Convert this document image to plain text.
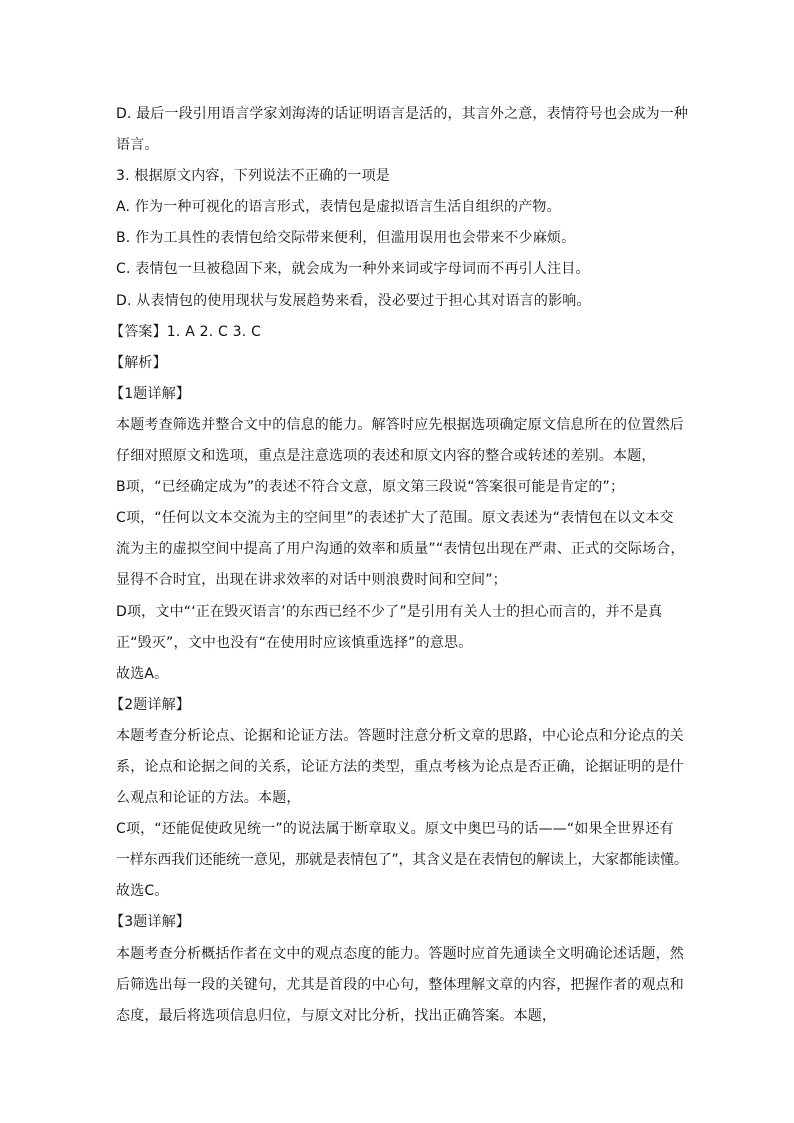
D. 最后一段引用语言学家刘海涛的话证明语言是活的，其言外之意，表情符号也会成为一种
语言。
3. 根据原文内容，下列说法不正确的一项是
A. 作为一种可视化的语言形式，表情包是虚拟语言生活自组织的产物。
B. 作为工具性的表情包给交际带来便利，但滥用误用也会带来不少麻烦。
C. 表情包一旦被稳固下来，就会成为一种外来词或字母词而不再引人注目。
D. 从表情包的使用现状与发展趋势来看，没必要过于担心其对语言的影响。
【答案】1. A 2. C 3. C
【解析】
【1题详解】
本题考查筛选并整合文中的信息的能力。解答时应先根据选项确定原文信息所在的位置然后
仔细对照原文和选项，重点是注意选项的表述和原文内容的整合或转述的差别。本题，
B项，“已经确定成为”的表述不符合文意，原文第三段说“答案很可能是肯定的”；
C项，“任何以文本交流为主的空间里”的表述扩大了范围。原文表述为“表情包在以文本交
流为主的虚拟空间中提高了用户沟通的效率和质量”“表情包出现在严肃、正式的交际场合，
显得不合时宜，出现在讲求效率的对话中则浪费时间和空间”；
D项，文中“‘正在毁灭语言’的东西已经不少了”是引用有关人士的担心而言的，并不是真
正“毁灭”，文中也没有“在使用时应该慎重选择”的意思。
故选A。
【2题详解】
本题考查分析论点、论据和论证方法。答题时注意分析文章的思路，中心论点和分论点的关
系，论点和论据之间的关系，论证方法的类型，重点考核为论点是否正确，论据证明的是什
么观点和论证的方法。本题，
C项，“还能促使政见统一”的说法属于断章取义。原文中奥巴马的话——“如果全世界还有
一样东西我们还能统一意见，那就是表情包了”，其含义是在表情包的解读上，大家都能读懂。
故选C。
【3题详解】
本题考查分析概括作者在文中的观点态度的能力。答题时应首先通读全文明确论述话题，然
后筛选出每一段的关键句，尤其是首段的中心句，整体理解文章的内容，把握作者的观点和
态度，最后将选项信息归位，与原文对比分析，找出正确答案。本题，
